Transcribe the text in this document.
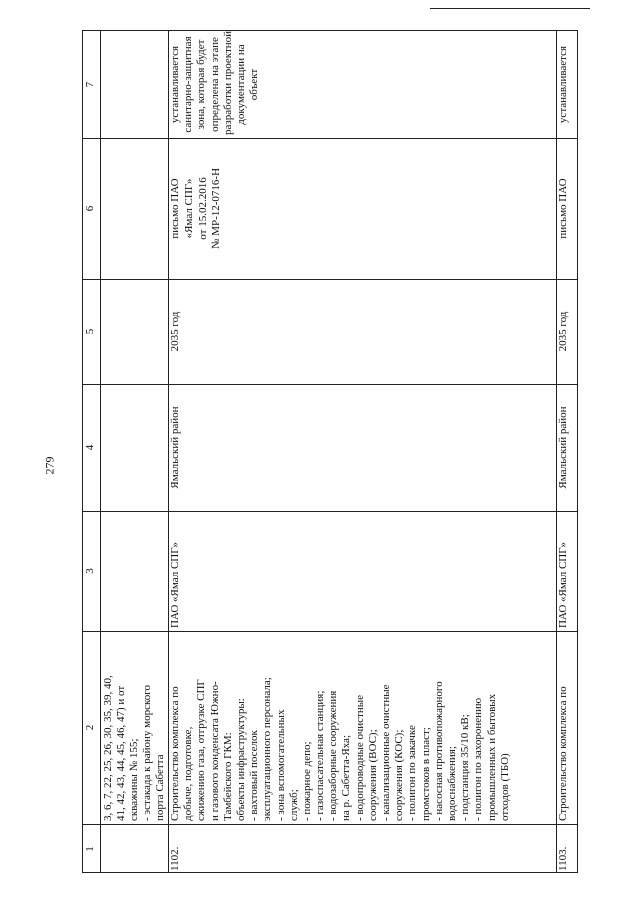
279
7
6
5
4
3
2
1
3, 6, 7, 22, 25, 26, 30, 35, 39, 40, 41, 42, 43, 44, 45, 46, 47) и от скважины № 155; - эстакада к району морского порта Сабетта
1102.
Строительство комплекса по добыче, подготовке, сжижению газа, отгрузке СПГ и газового конденсата Южно- Тамбейского ГКМ: объекты инфраструктуры: - вахтовый поселок эксплуатационного персонала; - зона вспомогательных служб; - пожарное депо; - газоспасательная станция; - водозаборные сооружения на р. Сабетта-Яха; - водопроводные очистные сооружения (ВОС); - канализационные очистные сооружения (КОС); - полигон по закачке промстоков в пласт; - насосная противопожарного водоснабжения; - подстанция 35/10 кВ; - полигон по захоронению промышленных и бытовых отходов (ТБО)
ПАО «Ямал СПГ»
Ямальский район
2035 год
письмо ПАО «Ямал СПГ» от 15.02.2016 № МР-12-0716-Н
устанавливается санитарно-защитная зона, которая будет определена на этапе разработки проектной документации на объект
1103.
Строительство комплекса по
ПАО «Ямал СПГ»
Ямальский район
2035 год
письмо ПАО
устанавливается
